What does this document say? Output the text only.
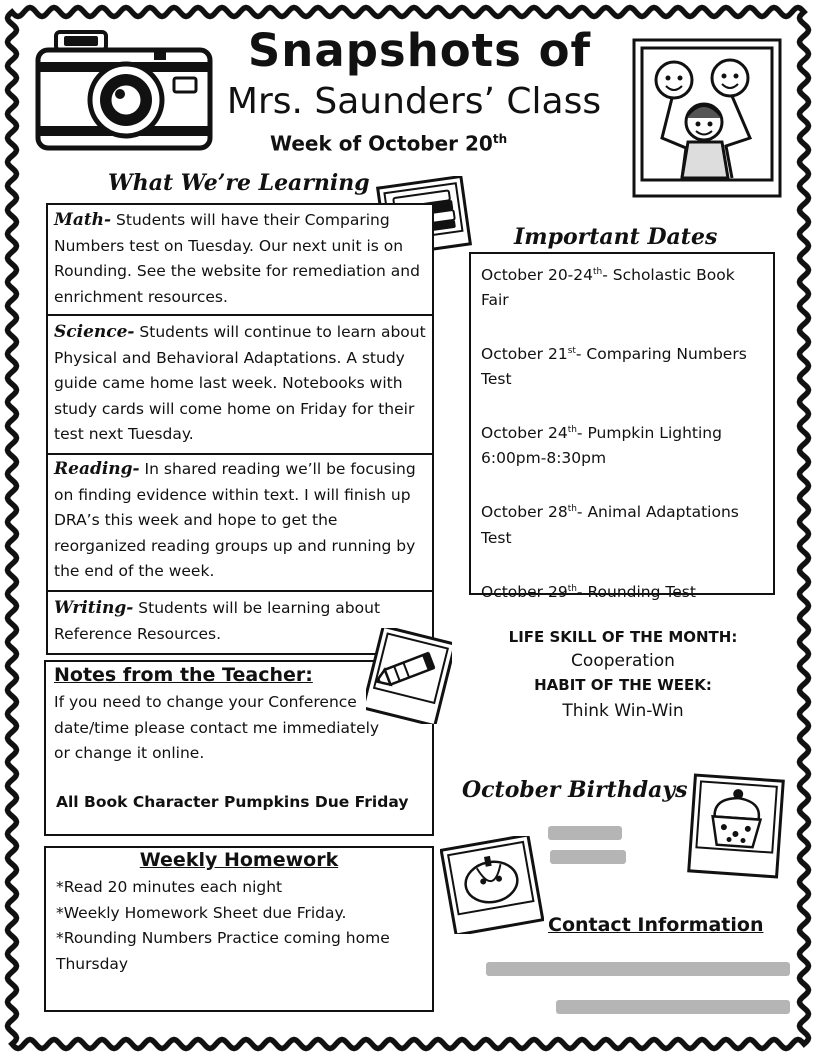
Snapshots of
Mrs. Saunders’ Class
Week of October 20th
What We’re Learning
Math- Students will have their Comparing Numbers test on Tuesday. Our next unit is on Rounding. See the website for remediation and enrichment resources.
Science- Students will continue to learn about Physical and Behavioral Adaptations. A study guide came home last week. Notebooks with study cards will come home on Friday for their test next Tuesday.
Reading- In shared reading we’ll be focusing on finding evidence within text. I will finish up DRA’s this week and hope to get the reorganized reading groups up and running by the end of the week.
Writing- Students will be learning about Reference Resources.
Notes from the Teacher:
If you need to change your Conference date/time please contact me immediately or change it online.
All Book Character Pumpkins Due Friday
Weekly Homework
*Read 20 minutes each night
*Weekly Homework Sheet due Friday.
*Rounding Numbers Practice coming home Thursday
Important Dates
October 20-24th- Scholastic Book Fair
October 21st- Comparing Numbers Test
October 24th- Pumpkin Lighting 6:00pm-8:30pm
October 28th- Animal Adaptations Test
October 29th- Rounding Test
LIFE SKILL OF THE MONTH:
Cooperation
HABIT OF THE WEEK:
Think Win-Win
October Birthdays
Contact Information
